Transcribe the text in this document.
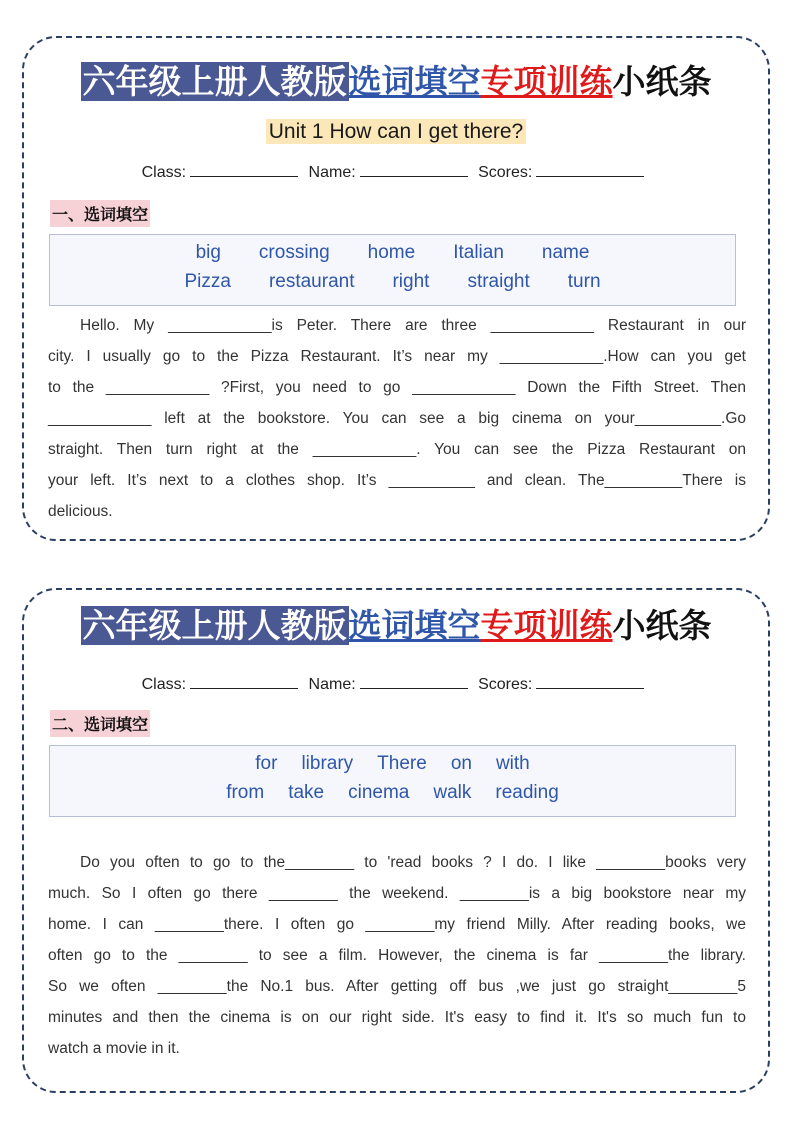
六年级上册人教版选词填空专项训练小纸条
Unit 1 How can I get there?
Class:	Name:	Scores:
一、选词填空
big crossing home Italian name
Pizza restaurant right straight turn
Hello. My ____________is Peter. There are three ____________ Restaurant in our
city. I usually go to the Pizza Restaurant. It’s near my ____________.How can you get
to the ____________ ?First, you need to go ____________ Down the Fifth Street. Then
____________ left at the bookstore. You can see a big cinema on your__________.Go
straight. Then turn right at the ____________. You can see the Pizza Restaurant on
your left. It’s next to a clothes shop. It’s __________ and clean. The_________There is
delicious.
六年级上册人教版选词填空专项训练小纸条
Class:	Name:	Scores:
二、选词填空
for library There on with
from take cinema walk reading
Do you often to go to the________ to 'read books ? I do. I like ________books very
much. So I often go there ________ the weekend. ________is a big bookstore near my
home. I can ________there. I often go ________my friend Milly. After reading books, we
often go to the ________ to see a film. However, the cinema is far ________the library.
So we often ________the No.1 bus. After getting off bus ,we just go straight________5
minutes and then the cinema is on our right side. It's easy to find it. It's so much fun to
watch a movie in it.
